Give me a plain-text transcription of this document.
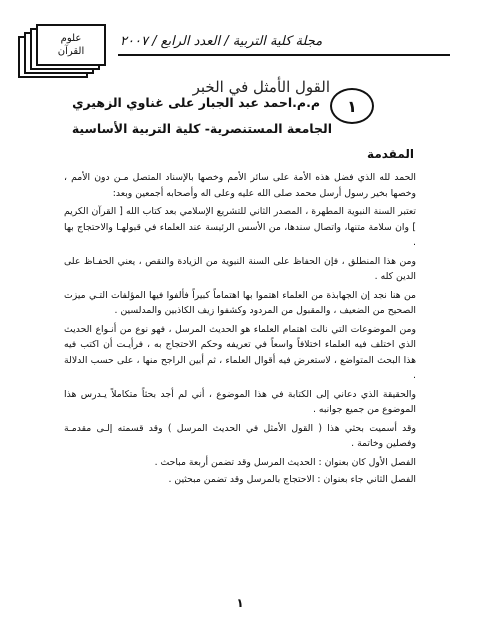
علوم
القرآن
مجلة كلية التربية / العدد الرابع / ٢٠٠٧
القول الأمثل في الخبر
١
م.م.احمد عبد الجبار على غناوي الزهيري
الجامعة المستنصرية- كلية التربية الأساسية
المقدمة

الحمد لله الذي فضل هذه الأمة على سائر الأمم وخصها بالإسناد المتصل مـن دون الأمم ، وخصها بخير رسول أرسل محمد صلى الله عليه وعلى اله وأصحابه أجمعين وبعد:

تعتبر السنة النبوية المطهرة ، المصدر الثاني للتشريع الإسلامي بعد كتاب الله [ القرآن الكريم ] وان سلامة متنها، واتصال سندها، من الأسس الرئيسة عند العلماء في قبولهـا والاحتجاج بها .

ومن هذا المنطلق ، فإن الحفاظ على السنة النبوية من الزيادة والنقص ، يعني الحفـاظ على الدين كله .

من هنا نجد إن الجهابذة من العلماء اهتموا بها اهتماماً كبيراً فألفوا فيها المؤلفات التـي ميزت الصحيح من الضعيف ، والمقبول من المردود وكشفوا زيف الكاذبين والمدلسين .

ومن الموضوعات التي نالت اهتمام العلماء هو الحديث المرسل ، فهو نوع من أنـواع الحديث الذي اختلف فيه العلماء اختلافاً واسعاً في تعريفه وحكم الاحتجاج به ، فرأيـت أن اكتب فيه هذا البحث المتواضع ، لاستعرض فيه أقوال العلماء ، ثم أبين الراجح منها ، على حسب الدلالة .

والحقيقة الذي دعاني إلى الكتابة في هذا الموضوع ، أني لم أجد بحثاً متكاملاً يـدرس هذا الموضوع من جميع جوانبه .

وقد أسميت بحثي هذا ( القول الأمثل في الحديث المرسل ) وقد قسمته إلـى مقدمـة وفصلين وخاتمة .

الفصل الأول كان بعنوان : الحديث المرسل وقد تضمن أربعة مباحث .

الفصل الثاني جاء بعنوان : الاحتجاج بالمرسل وقد تضمن مبحثين .

١
